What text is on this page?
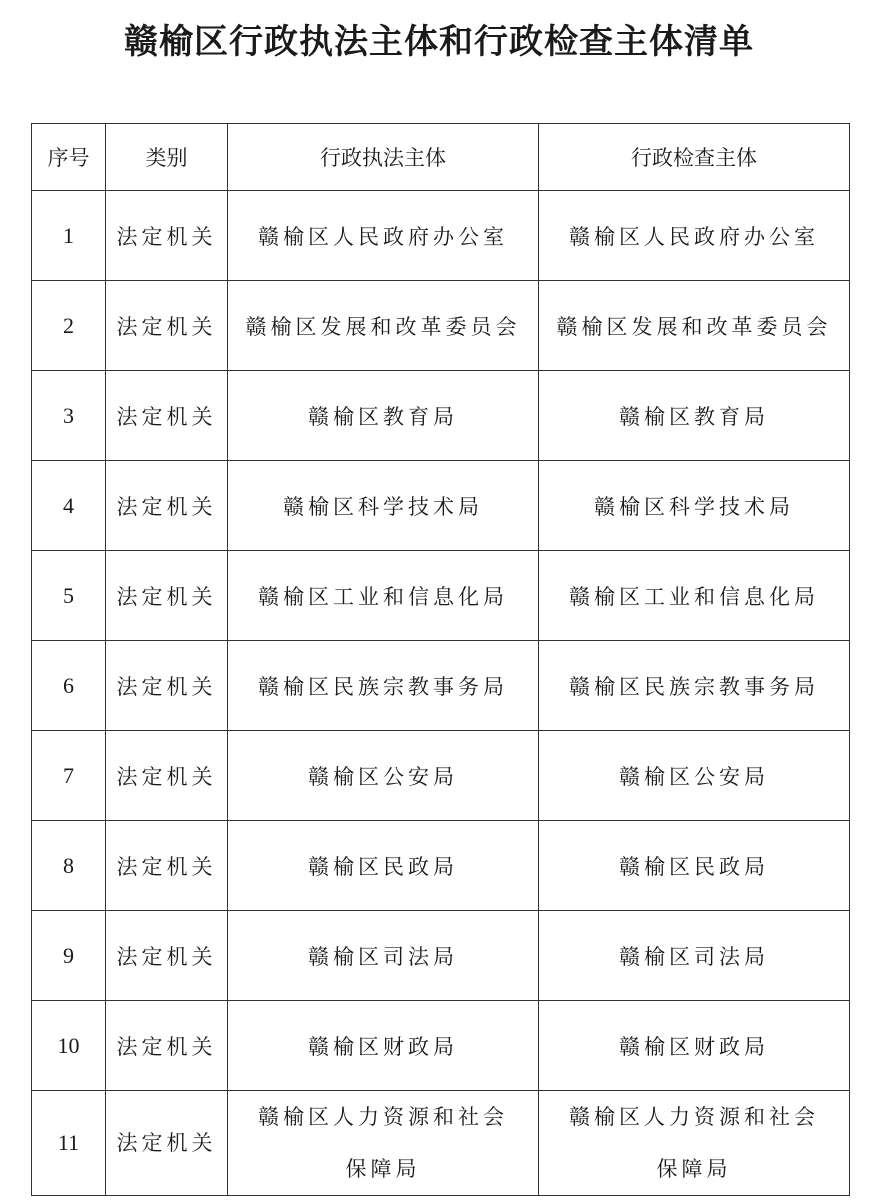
赣榆区行政执法主体和行政检查主体清单
序号	类别	行政执法主体	行政检查主体
1	法定机关	赣榆区人民政府办公室	赣榆区人民政府办公室
2	法定机关	赣榆区发展和改革委员会	赣榆区发展和改革委员会
3	法定机关	赣榆区教育局	赣榆区教育局
4	法定机关	赣榆区科学技术局	赣榆区科学技术局
5	法定机关	赣榆区工业和信息化局	赣榆区工业和信息化局
6	法定机关	赣榆区民族宗教事务局	赣榆区民族宗教事务局
7	法定机关	赣榆区公安局	赣榆区公安局
8	法定机关	赣榆区民政局	赣榆区民政局
9	法定机关	赣榆区司法局	赣榆区司法局
10	法定机关	赣榆区财政局	赣榆区财政局
11	法定机关	赣榆区人力资源和社会保障局	赣榆区人力资源和社会保障局
